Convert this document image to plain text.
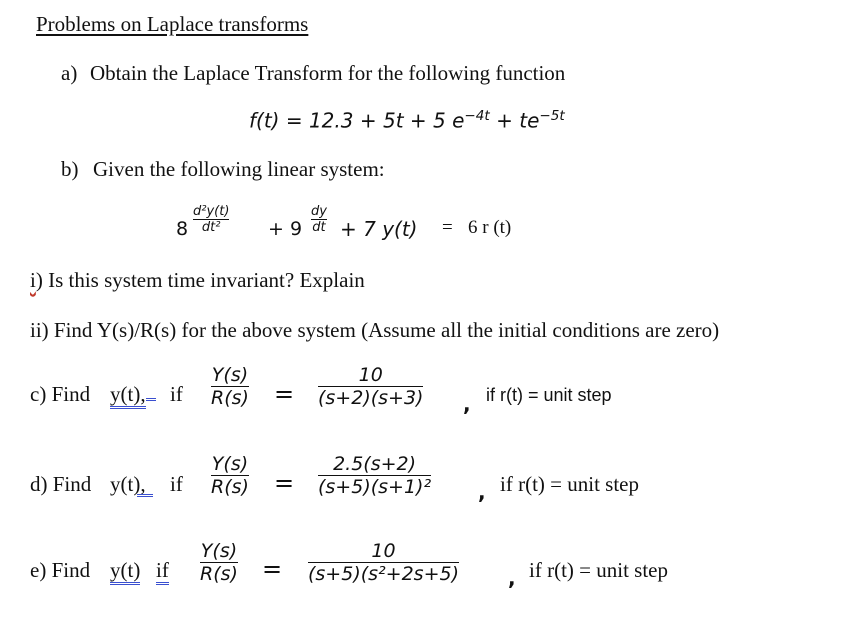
Problems on Laplace transforms
a) Obtain the Laplace Transform for the following function
f(t) = 12.3 + 5t + 5 $e^{-4t} + te^{-5t}$
b) Given the following linear system:
8
d²y(t)
dt²	+ 9
dy
dt + 7 y(t) = 6 r (t)
i) Is this system time invariant? Explain
ii) Find Y(s)/R(s) for the above system (Assume all the initial conditions are zero)
c) Find y(t),	if
Y(s)
R(s) =
10
(s+2)(s+3) , if r(t) = unit step
d) Find y(t), if
Y(s)
R(s) =
2.5(s+2)
(s+5)(s+1)² , if r(t) = unit step
e) Find y(t) if
Y(s)
R(s) =
10
(s+5)(s²+2s+5) , if r(t) = unit step
